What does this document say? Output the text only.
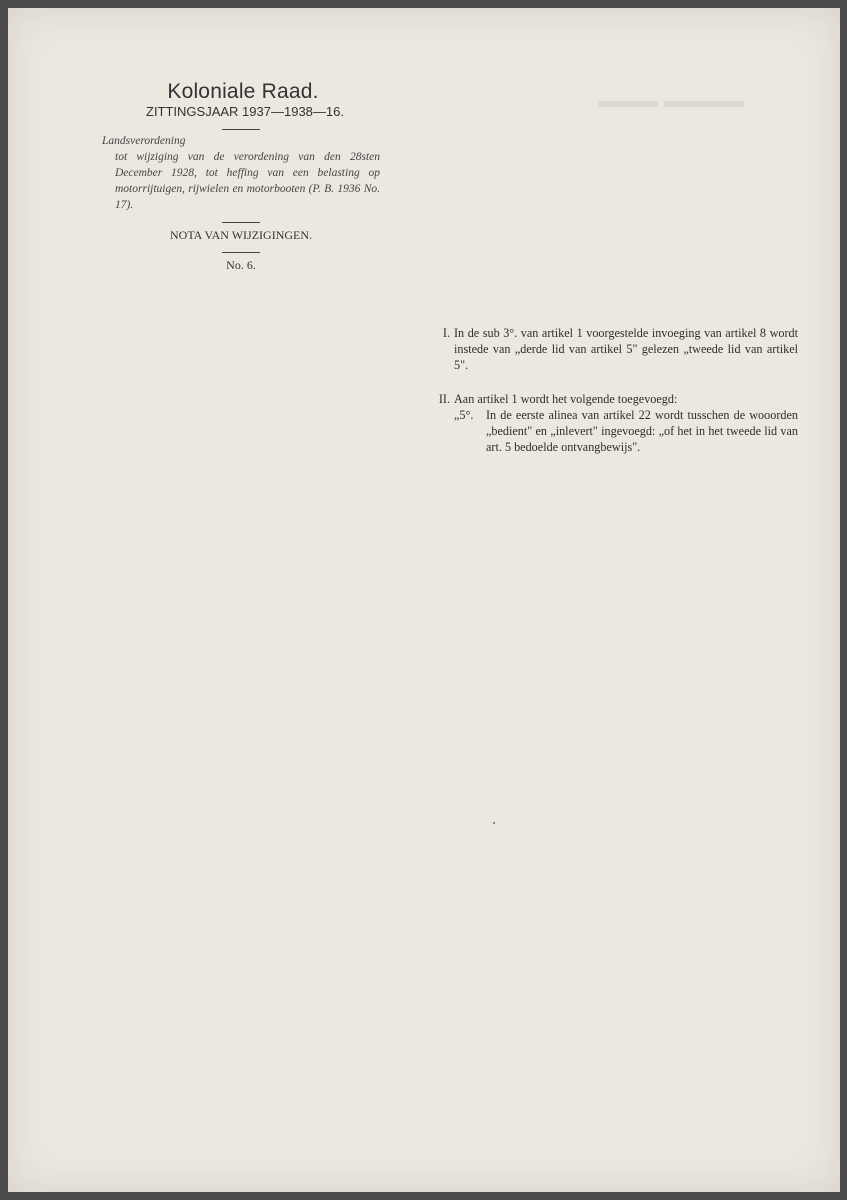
▬▬▬▬ ▬▬▬
Koloniale Raad.
ZITTINGSJAAR 1937—1938—16.
Landsverordening
tot wijziging van de verordening van den 28sten December 1928, tot heffing van een belasting op motorrijtuigen, rijwielen en motorbooten (P. B. 1936 No. 17).
NOTA VAN WIJZIGINGEN.
No. 6.
I. In de sub 3°. van artikel 1 voorgestelde invoeging van artikel 8 wordt instede van „derde lid van artikel 5" gelezen „tweede lid van artikel 5".
II. Aan artikel 1 wordt het volgende toegevoegd:
„5°.	In de eerste alinea van artikel 22 wordt tusschen de wooorden „bedient" en „inlevert" ingevoegd: „of het in het tweede lid van art. 5 bedoelde ontvangbewijs".
